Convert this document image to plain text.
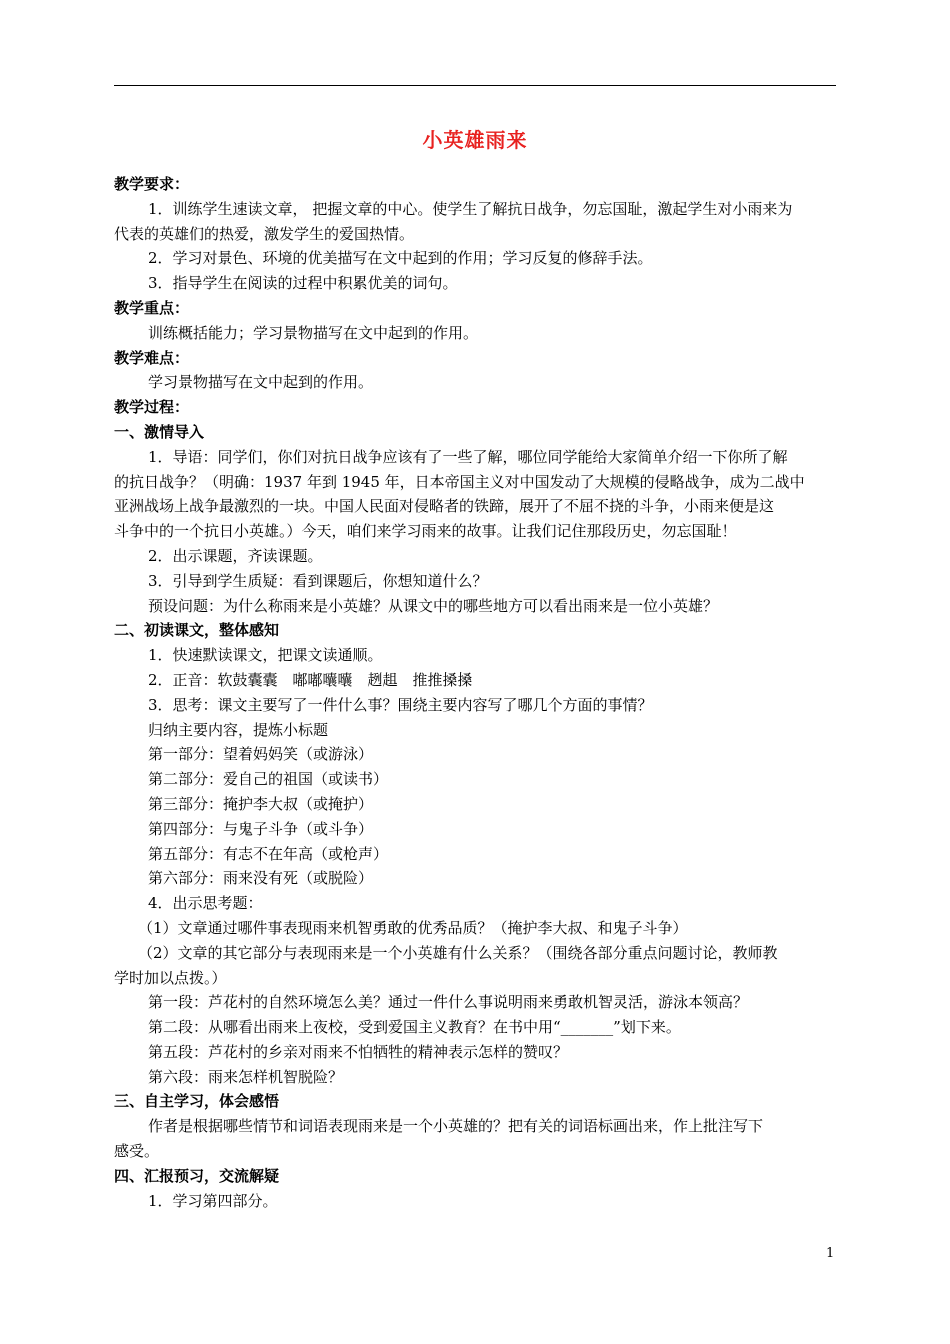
小英雄雨来
教学要求：
1．训练学生速读文章， 把握文章的中心。使学生了解抗日战争，勿忘国耻，激起学生对小雨来为
代表的英雄们的热爱，激发学生的爱国热情。
2．学习对景色、环境的优美描写在文中起到的作用；学习反复的修辞手法。
3．指导学生在阅读的过程中积累优美的词句。
教学重点：
训练概括能力；学习景物描写在文中起到的作用。
教学难点：
学习景物描写在文中起到的作用。
教学过程：
一、激情导入
1．导语：同学们，你们对抗日战争应该有了一些了解，哪位同学能给大家简单介绍一下你所了解
的抗日战争？（明确：1937 年到 1945 年，日本帝国主义对中国发动了大规模的侵略战争，成为二战中
亚洲战场上战争最激烈的一块。中国人民面对侵略者的铁蹄，展开了不屈不挠的斗争，小雨来便是这
斗争中的一个抗日小英雄。）今天，咱们来学习雨来的故事。让我们记住那段历史，勿忘国耻！
2．出示课题，齐读课题。
3．引导到学生质疑：看到课题后，你想知道什么？
预设问题：为什么称雨来是小英雄？从课文中的哪些地方可以看出雨来是一位小英雄？
二、初读课文，整体感知
1．快速默读课文，把课文读通顺。
2．正音：软鼓囊囊　嘟嘟囔囔　趔趄　推推搡搡
3．思考：课文主要写了一件什么事？围绕主要内容写了哪几个方面的事情？
归纳主要内容，提炼小标题
第一部分：望着妈妈笑（或游泳）
第二部分：爱自己的祖国（或读书）
第三部分：掩护李大叔（或掩护）
第四部分：与鬼子斗争（或斗争）
第五部分：有志不在年高（或枪声）
第六部分：雨来没有死（或脱险）
4．出示思考题：
（1）文章通过哪件事表现雨来机智勇敢的优秀品质？（掩护李大叔、和鬼子斗争）
（2）文章的其它部分与表现雨来是一个小英雄有什么关系？（围绕各部分重点问题讨论，教师教
学时加以点拨。）
第一段：芦花村的自然环境怎么美？通过一件什么事说明雨来勇敢机智灵活，游泳本领高？
第二段：从哪看出雨来上夜校，受到爱国主义教育？在书中用“_______”划下来。
第五段：芦花村的乡亲对雨来不怕牺牲的精神表示怎样的赞叹？
第六段：雨来怎样机智脱险？
三、自主学习，体会感悟
作者是根据哪些情节和词语表现雨来是一个小英雄的？把有关的词语标画出来，作上批注写下
感受。
四、汇报预习，交流解疑
1．学习第四部分。
1
